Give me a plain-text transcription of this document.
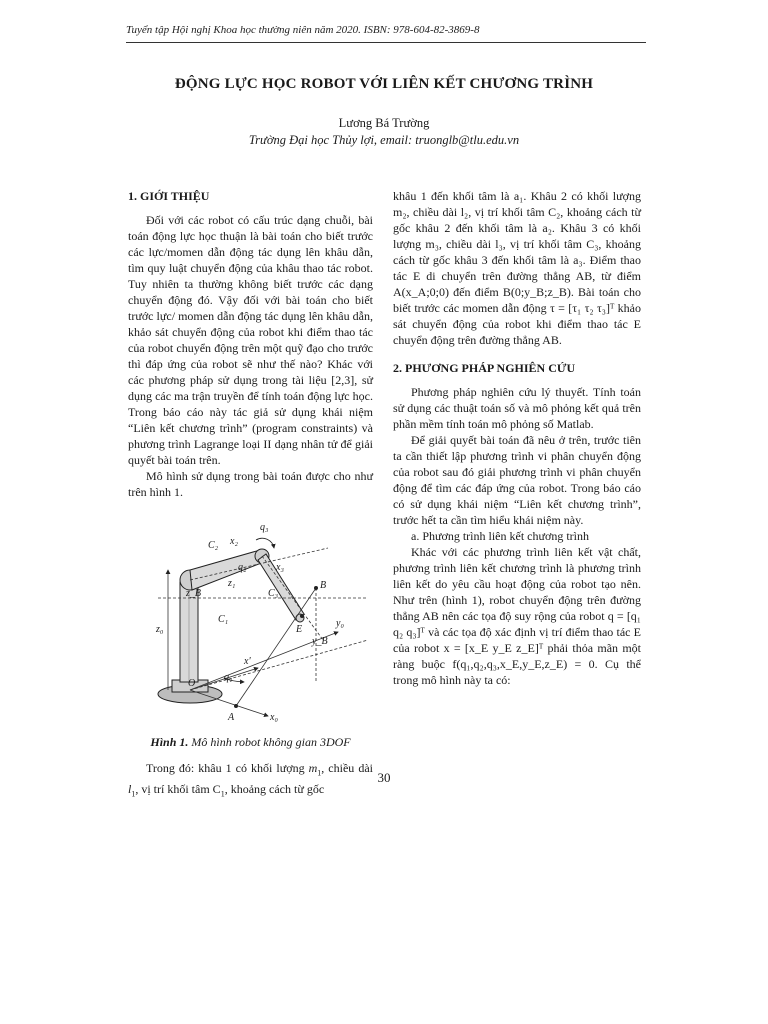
Tuyển tập Hội nghị Khoa học thường niên năm 2020. ISBN: 978-604-82-3869-8
ĐỘNG LỰC HỌC ROBOT VỚI LIÊN KẾT CHƯƠNG TRÌNH
Lương Bá Trường
Trường Đại học Thủy lợi, email: truonglb@tlu.edu.vn
1. GIỚI THIỆU

Đối với các robot có cấu trúc dạng chuỗi, bài toán động lực học thuận là bài toán cho biết trước các lực/momen dẫn động tác dụng lên khâu dẫn, tìm quy luật chuyển động của khâu thao tác robot. Tuy nhiên ta thường không biết trước các dạng chuyển động đó. Vậy đối với bài toán cho biết trước lực/ momen dẫn động tác dụng lên khâu dẫn, khảo sát chuyển động của robot khi điểm thao tác của robot chuyển động trên một quỹ đạo cho trước thì đáp ứng của robot sẽ như thế nào? Khác với các phương pháp sử dụng trong tài liệu [2,3], sử dụng các ma trận truyền để tính toán động lực học. Trong báo cáo này tác giả sử dụng khái niệm “Liên kết chương trình” (program constraints) và phương trình Lagrange loại II dạng nhân tử để giải quyết bài toán trên.

Mô hình sử dụng trong bài toán được cho như trên hình 1.

q₃
C₂ x₂
x₃
q₂
B
z₁
z_B	C₃
E
z₀
C₁	y₀
y_B
x'
O
q₁
A	x₀
Hình 1. Mô hình robot không gian 3DOF

Trong đó: khâu 1 có khối lượng $m_1$, chiều dài $l_1$, vị trí khối tâm $C_1$, khoảng cách từ gốc

khâu 1 đến khối tâm là a₁. Khâu 2 có khối lượng m₂, chiều dài l₂, vị trí khối tâm C₂, khoảng cách từ gốc khâu 2 đến khối tâm là a₂. Khâu 3 có khối lượng m₃, chiều dài l₃, vị trí khối tâm C₃, khoảng cách từ gốc khâu 3 đến khối tâm là a₃. Điểm thao tác E di chuyển trên đường thẳng AB, từ điểm A(x_A;0;0) đến điểm B(0;y_B;z_B). Bài toán cho biết trước các momen dẫn động τ = [τ₁ τ₂ τ₃]ᵀ khảo sát chuyển động của robot khi điểm thao tác E chuyển động trên đường thẳng AB.

2. PHƯƠNG PHÁP NGHIÊN CỨU

Phương pháp nghiên cứu lý thuyết. Tính toán sử dụng các thuật toán số và mô phỏng kết quả trên phần mềm tính toán mô phỏng số Matlab.

Để giải quyết bài toán đã nêu ở trên, trước tiên ta cần thiết lập phương trình vi phân chuyển động của robot sau đó giải phương trình vi phân chuyển động để tìm các đáp ứng của robot. Trong báo cáo có sử dụng khái niệm “Liên kết chương trình”, trước hết ta cần tìm hiểu khái niệm này.

a. Phương trình liên kết chương trình

Khác với các phương trình liên kết vật chất, phương trình liên kết chương trình là phương trình liên kết do yêu cầu hoạt động của robot tạo nên. Như trên (hình 1), robot chuyển động trên đường thẳng AB nên các tọa độ suy rộng của robot q = [q₁ q₂ q₃]ᵀ và các tọa độ xác định vị trí điểm thao tác E của robot x = [x_E y_E z_E]ᵀ phải thỏa mãn một ràng buộc f(q₁,q₂,q₃,x_E,y_E,z_E) = 0. Cụ thể trong mô hình này ta có:

30
